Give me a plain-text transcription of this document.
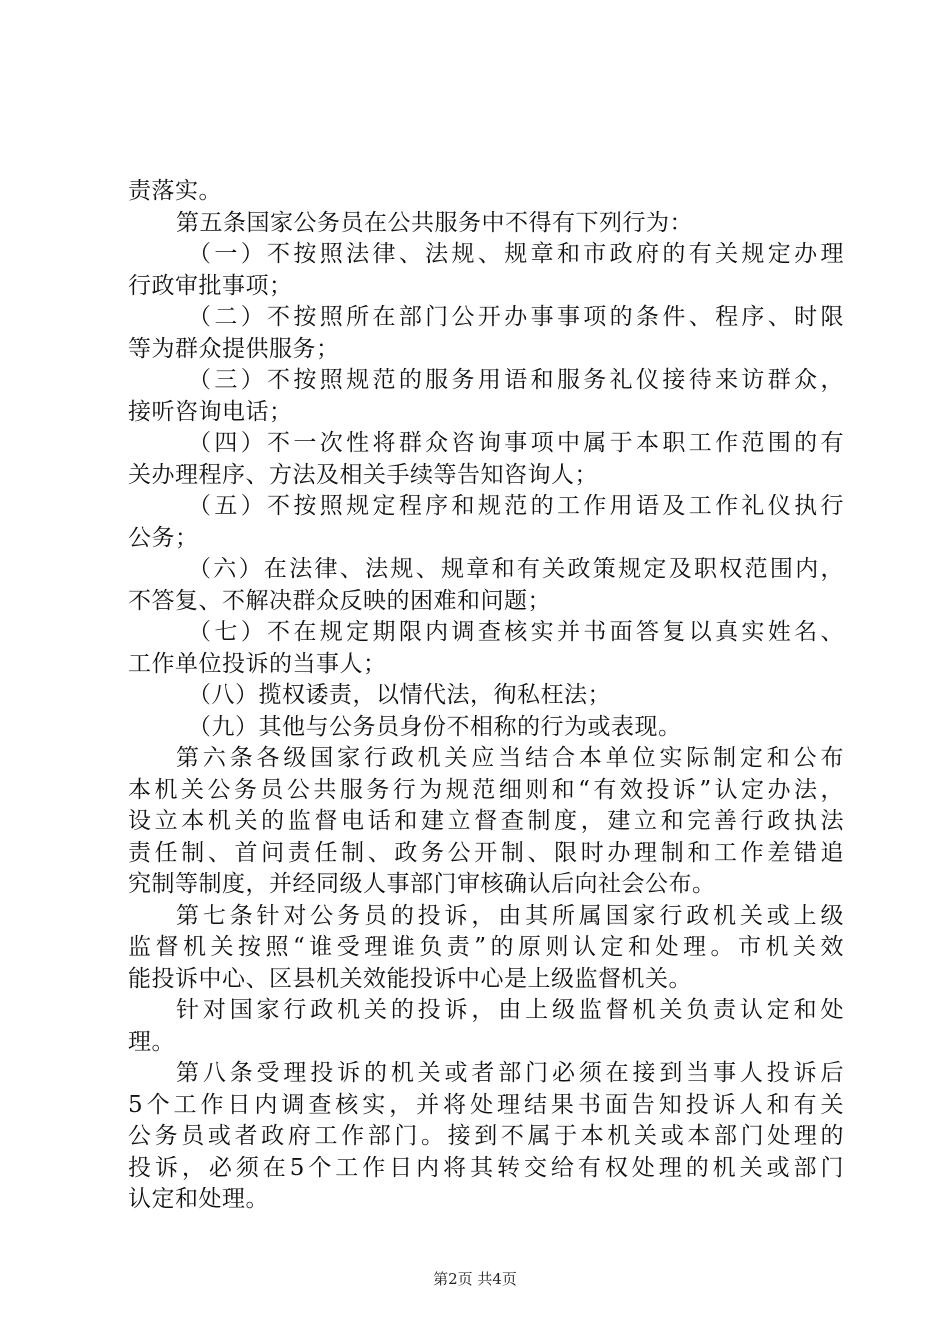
责落实。
第五条国家公务员在公共服务中不得有下列行为：
（一）不按照法律、法规、规章和市政府的有关规定办理
行政审批事项；
（二）不按照所在部门公开办事事项的条件、程序、时限
等为群众提供服务；
（三）不按照规范的服务用语和服务礼仪接待来访群众，
接听咨询电话；
（四）不一次性将群众咨询事项中属于本职工作范围的有
关办理程序、方法及相关手续等告知咨询人；
（五）不按照规定程序和规范的工作用语及工作礼仪执行
公务；
（六）在法律、法规、规章和有关政策规定及职权范围内，
不答复、不解决群众反映的困难和问题；
（七）不在规定期限内调查核实并书面答复以真实姓名、
工作单位投诉的当事人；
（八）揽权诿责，以情代法，徇私枉法；
（九）其他与公务员身份不相称的行为或表现。
第六条各级国家行政机关应当结合本单位实际制定和公布
本机关公务员公共服务行为规范细则和“有效投诉”认定办法，
设立本机关的监督电话和建立督查制度，建立和完善行政执法
责任制、首问责任制、政务公开制、限时办理制和工作差错追
究制等制度，并经同级人事部门审核确认后向社会公布。
第七条针对公务员的投诉，由其所属国家行政机关或上级
监督机关按照“谁受理谁负责”的原则认定和处理。市机关效
能投诉中心、区县机关效能投诉中心是上级监督机关。
针对国家行政机关的投诉，由上级监督机关负责认定和处
理。
第八条受理投诉的机关或者部门必须在接到当事人投诉后
5个工作日内调查核实，并将处理结果书面告知投诉人和有关
公务员或者政府工作部门。接到不属于本机关或本部门处理的
投诉，必须在5个工作日内将其转交给有权处理的机关或部门
认定和处理。
第2页 共4页
